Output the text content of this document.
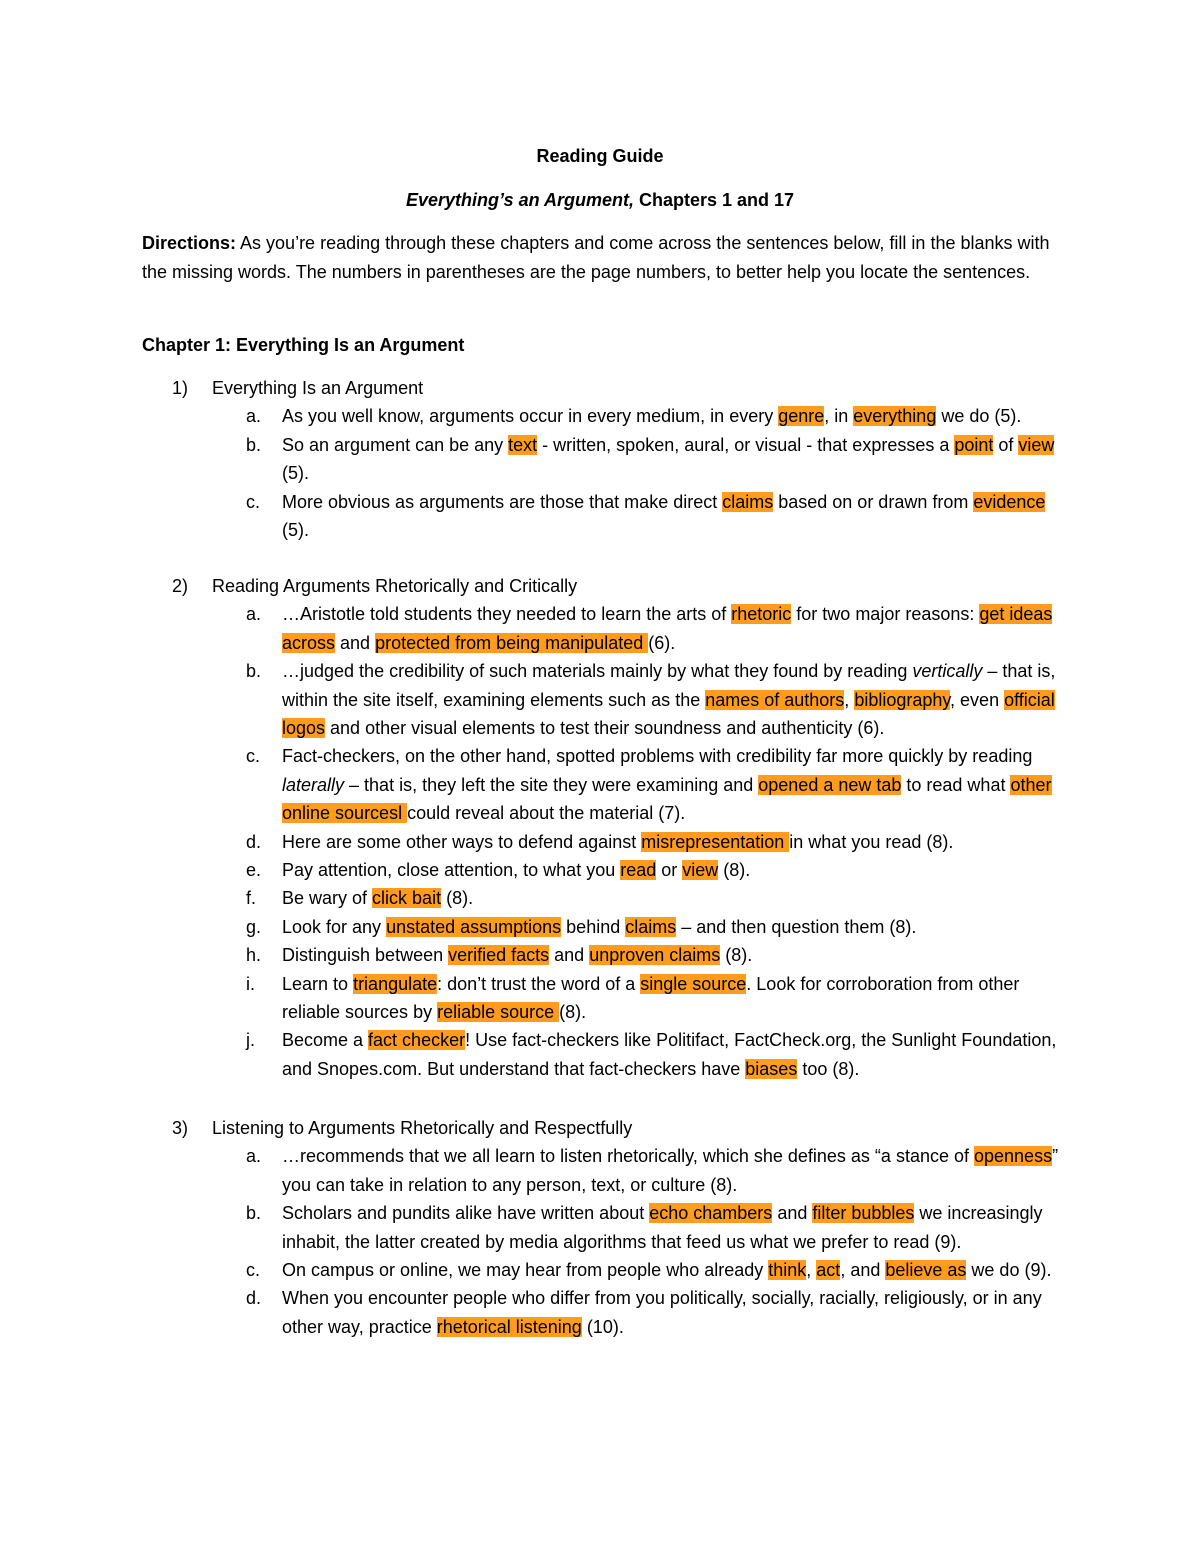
Reading Guide
Everything’s an Argument, Chapters 1 and 17
Directions: As you’re reading through these chapters and come across the sentences below, fill in the blanks with the missing words. The numbers in parentheses are the page numbers, to better help you locate the sentences.
Chapter 1: Everything Is an Argument
1) Everything Is an Argument
a. As you well know, arguments occur in every medium, in every genre, in everything we do (5).
b. So an argument can be any text - written, spoken, aural, or visual - that expresses a point of view (5).
c. More obvious as arguments are those that make direct claims based on or drawn from evidence (5).
2) Reading Arguments Rhetorically and Critically
a. …Aristotle told students they needed to learn the arts of rhetoric for two major reasons: get ideas across and protected from being manipulated (6).
b. …judged the credibility of such materials mainly by what they found by reading vertically – that is, within the site itself, examining elements such as the names of authors, bibliography, even official logos and other visual elements to test their soundness and authenticity (6).
c. Fact-checkers, on the other hand, spotted problems with credibility far more quickly by reading laterally – that is, they left the site they were examining and opened a new tab to read what other online sourcesl could reveal about the material (7).
d. Here are some other ways to defend against misrepresentation in what you read (8).
e. Pay attention, close attention, to what you read or view (8).
f. Be wary of click bait (8).
g. Look for any unstated assumptions behind claims – and then question them (8).
h. Distinguish between verified facts and unproven claims (8).
i. Learn to triangulate: don’t trust the word of a single source. Look for corroboration from other reliable sources by reliable source (8).
j. Become a fact checker! Use fact-checkers like Politifact, FactCheck.org, the Sunlight Foundation, and Snopes.com. But understand that fact-checkers have biases too (8).
3) Listening to Arguments Rhetorically and Respectfully
a. …recommends that we all learn to listen rhetorically, which she defines as “a stance of openness” you can take in relation to any person, text, or culture (8).
b. Scholars and pundits alike have written about echo chambers and filter bubbles we increasingly inhabit, the latter created by media algorithms that feed us what we prefer to read (9).
c. On campus or online, we may hear from people who already think, act, and believe as we do (9).
d. When you encounter people who differ from you politically, socially, racially, religiously, or in any other way, practice rhetorical listening (10).
